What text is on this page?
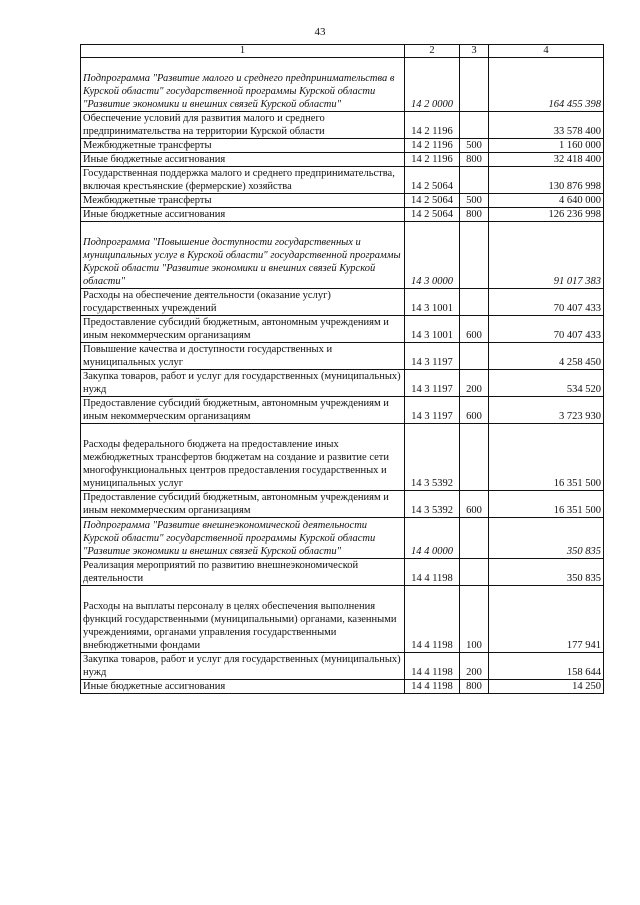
43
1	2	3	4
Подпрограмма "Развитие малого и среднего предпринимательства в Курской области" государственной программы Курской области "Развитие экономики и внешних связей Курской области"	14 2 0000		164 455 398
Обеспечение условий для развития малого и среднего предпринимательства на территории Курской области	14 2 1196		33 578 400
Межбюджетные трансферты	14 2 1196	500	1 160 000
Иные бюджетные ассигнования	14 2 1196	800	32 418 400
Государственная поддержка малого и среднего предпринимательства, включая крестьянские (фермерские) хозяйства	14 2 5064		130 876 998
Межбюджетные трансферты	14 2 5064	500	4 640 000
Иные бюджетные ассигнования	14 2 5064	800	126 236 998
Подпрограмма "Повышение доступности государственных и муниципальных услуг в Курской области" государственной программы Курской области "Развитие экономики и внешних связей Курской области"	14 3 0000		91 017 383
Расходы на обеспечение деятельности (оказание услуг) государственных учреждений	14 3 1001		70 407 433
Предоставление субсидий бюджетным, автономным учреждениям и иным некоммерческим организациям	14 3 1001	600	70 407 433
Повышение качества и доступности государственных и муниципальных услуг	14 3 1197		4 258 450
Закупка товаров, работ и услуг для государственных (муниципальных) нужд	14 3 1197	200	534 520
Предоставление субсидий бюджетным, автономным учреждениям и иным некоммерческим организациям	14 3 1197	600	3 723 930
Расходы федерального бюджета на предоставление иных межбюджетных трансфертов бюджетам на создание и развитие сети многофункциональных центров предоставления государственных и муниципальных услуг	14 3 5392		16 351 500
Предоставление субсидий бюджетным, автономным учреждениям и иным некоммерческим организациям	14 3 5392	600	16 351 500
Подпрограмма "Развитие внешнеэкономической деятельности Курской области" государственной программы Курской области "Развитие экономики и внешних связей Курской области"	14 4 0000		350 835
Реализация мероприятий по развитию внешнеэкономической деятельности	14 4 1198		350 835
Расходы на выплаты персоналу в целях обеспечения выполнения функций государственными (муниципальными) органами, казенными учреждениями, органами управления государственными внебюджетными фондами	14 4 1198	100	177 941
Закупка товаров, работ и услуг для государственных (муниципальных) нужд	14 4 1198	200	158 644
Иные бюджетные ассигнования	14 4 1198	800	14 250
